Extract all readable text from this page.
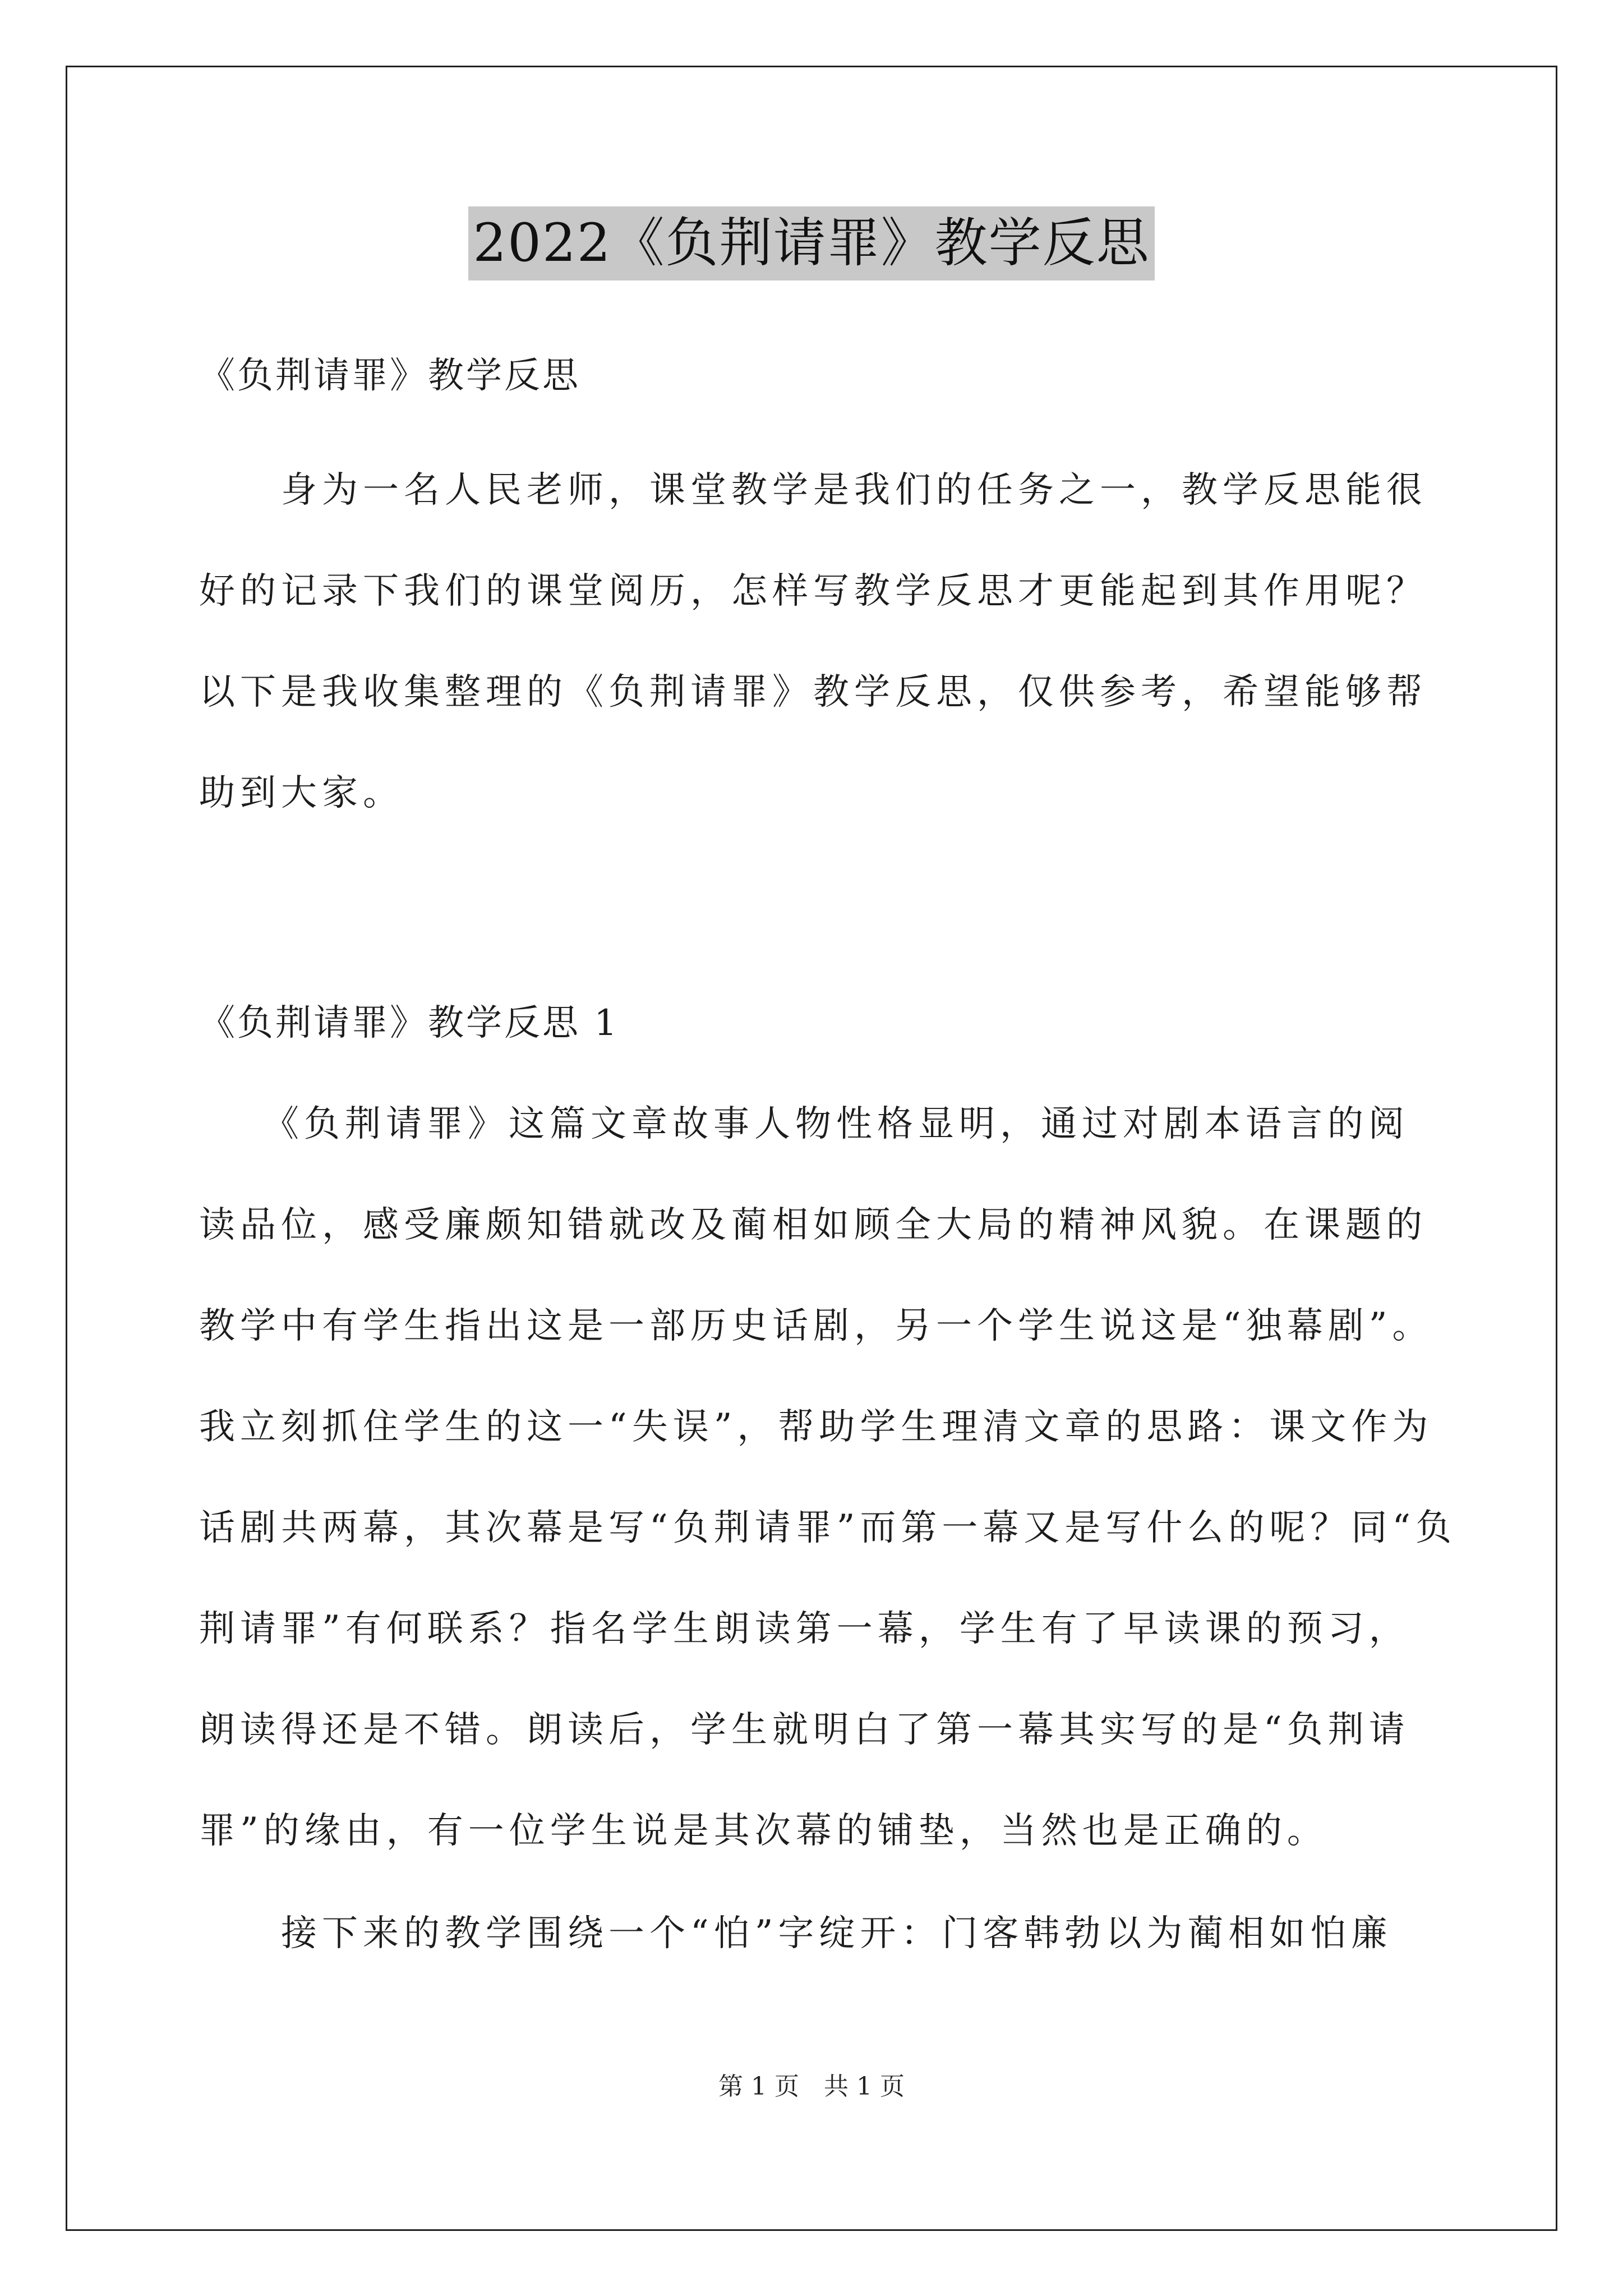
2022《负荆请罪》教学反思
《负荆请罪》教学反思
　　身为一名人民老师，课堂教学是我们的任务之一，教学反思能很
好的记录下我们的课堂阅历，怎样写教学反思才更能起到其作用呢？
以下是我收集整理的《负荆请罪》教学反思，仅供参考，希望能够帮
助到大家。
《负荆请罪》教学反思 1
　　《负荆请罪》这篇文章故事人物性格显明，通过对剧本语言的阅
读品位，感受廉颇知错就改及蔺相如顾全大局的精神风貌。在课题的
教学中有学生指出这是一部历史话剧，另一个学生说这是“独幕剧”。
我立刻抓住学生的这一“失误”，帮助学生理清文章的思路：课文作为
话剧共两幕，其次幕是写“负荆请罪”而第一幕又是写什么的呢？同“负
荆请罪”有何联系？指名学生朗读第一幕，学生有了早读课的预习，
朗读得还是不错。朗读后，学生就明白了第一幕其实写的是“负荆请
罪”的缘由，有一位学生说是其次幕的铺垫，当然也是正确的。
　　接下来的教学围绕一个“怕”字绽开：门客韩勃以为蔺相如怕廉
第 1 页　共 1 页
